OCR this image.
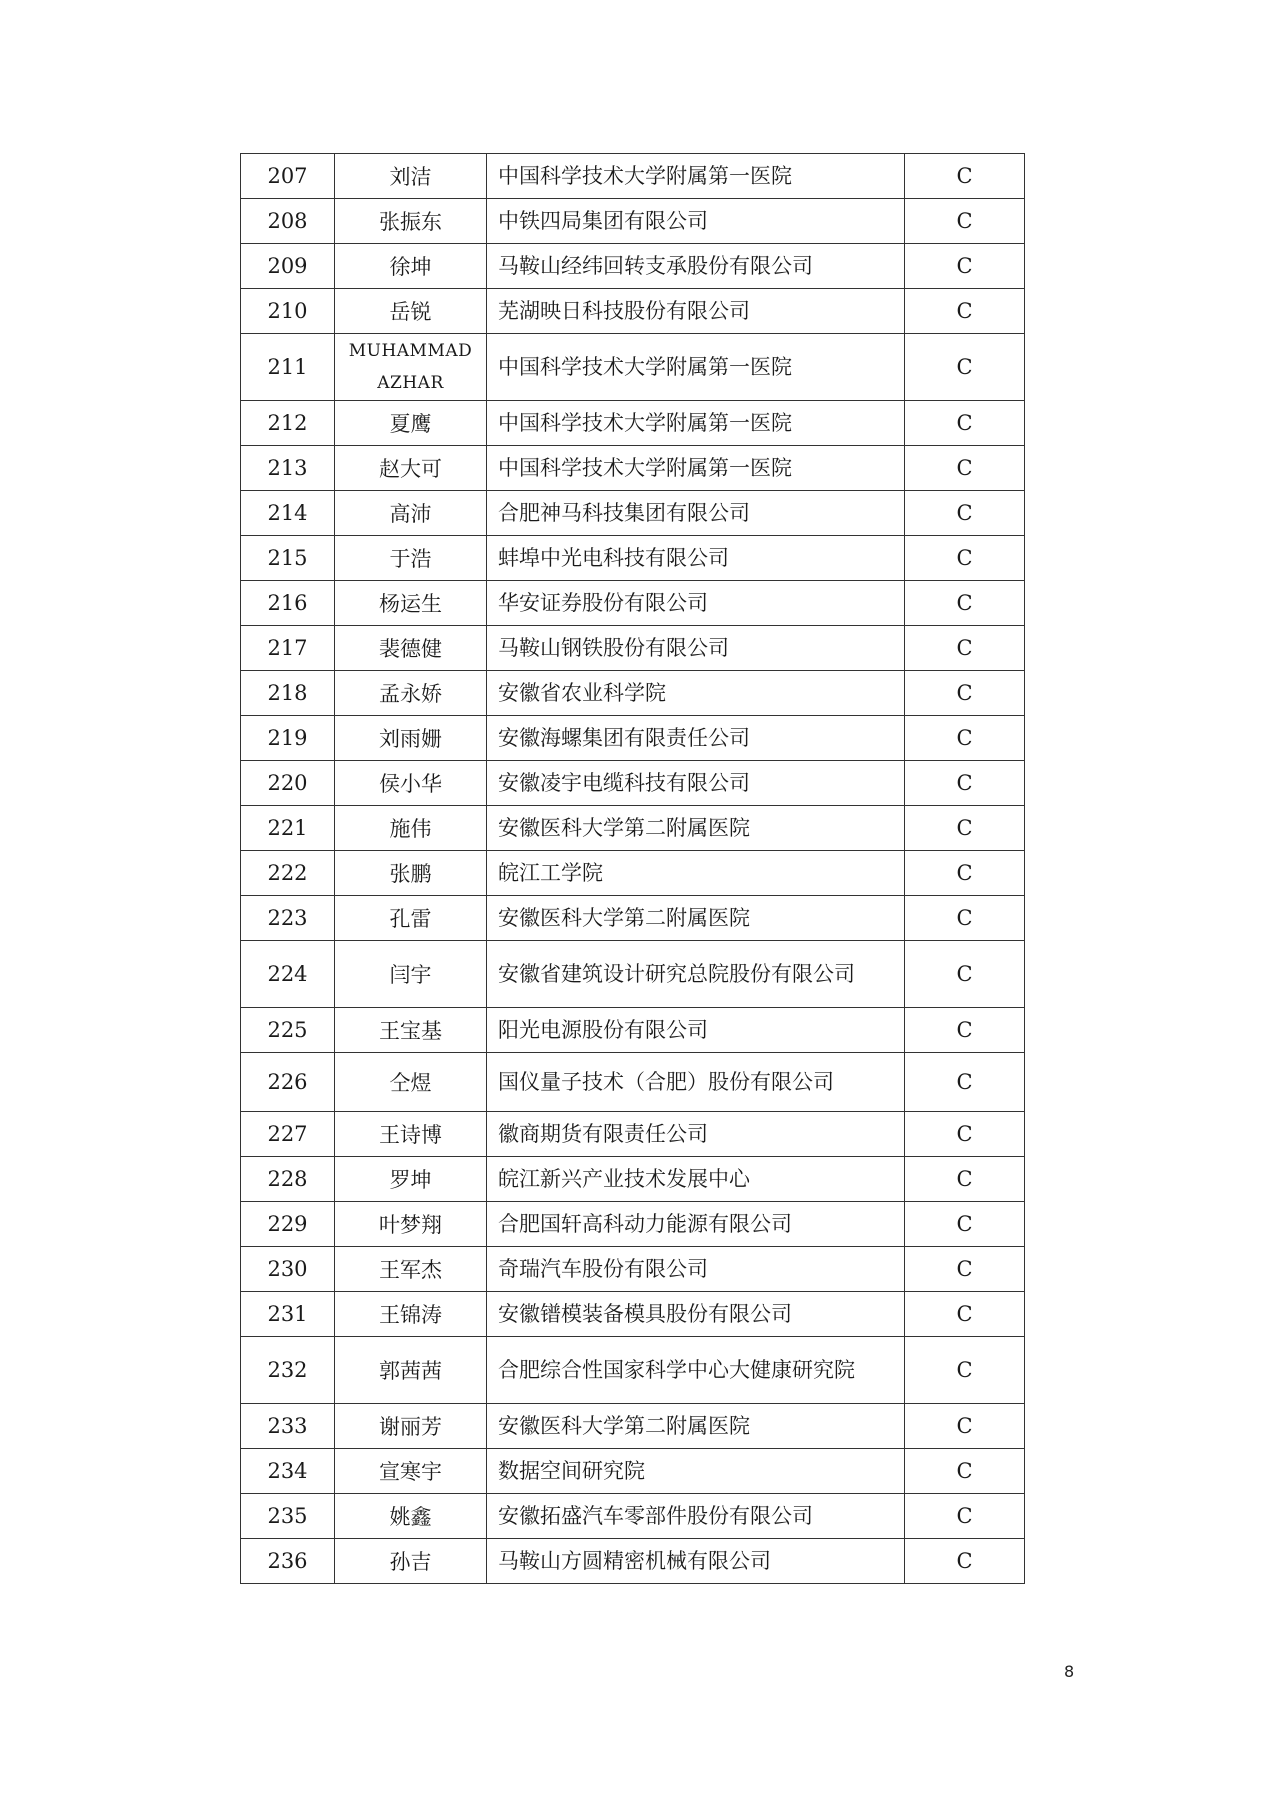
207	刘洁	中国科学技术大学附属第一医院	C
208	张振东	中铁四局集团有限公司	C
209	徐坤	马鞍山经纬回转支承股份有限公司	C
210	岳锐	芜湖映日科技股份有限公司	C
211	MUHAMMAD AZHAR	中国科学技术大学附属第一医院	C
212	夏鹰	中国科学技术大学附属第一医院	C
213	赵大可	中国科学技术大学附属第一医院	C
214	高沛	合肥神马科技集团有限公司	C
215	于浩	蚌埠中光电科技有限公司	C
216	杨运生	华安证券股份有限公司	C
217	裴德健	马鞍山钢铁股份有限公司	C
218	孟永娇	安徽省农业科学院	C
219	刘雨姗	安徽海螺集团有限责任公司	C
220	侯小华	安徽凌宇电缆科技有限公司	C
221	施伟	安徽医科大学第二附属医院	C
222	张鹏	皖江工学院	C
223	孔雷	安徽医科大学第二附属医院	C
224	闫宇	安徽省建筑设计研究总院股份有限公司	C
225	王宝基	阳光电源股份有限公司	C
226	仝煜	国仪量子技术（合肥）股份有限公司	C
227	王诗博	徽商期货有限责任公司	C
228	罗坤	皖江新兴产业技术发展中心	C
229	叶梦翔	合肥国轩高科动力能源有限公司	C
230	王军杰	奇瑞汽车股份有限公司	C
231	王锦涛	安徽镨模装备模具股份有限公司	C
232	郭茜茜	合肥综合性国家科学中心大健康研究院	C
233	谢丽芳	安徽医科大学第二附属医院	C
234	宣寒宇	数据空间研究院	C
235	姚鑫	安徽拓盛汽车零部件股份有限公司	C
236	孙吉	马鞍山方圆精密机械有限公司	C
8
